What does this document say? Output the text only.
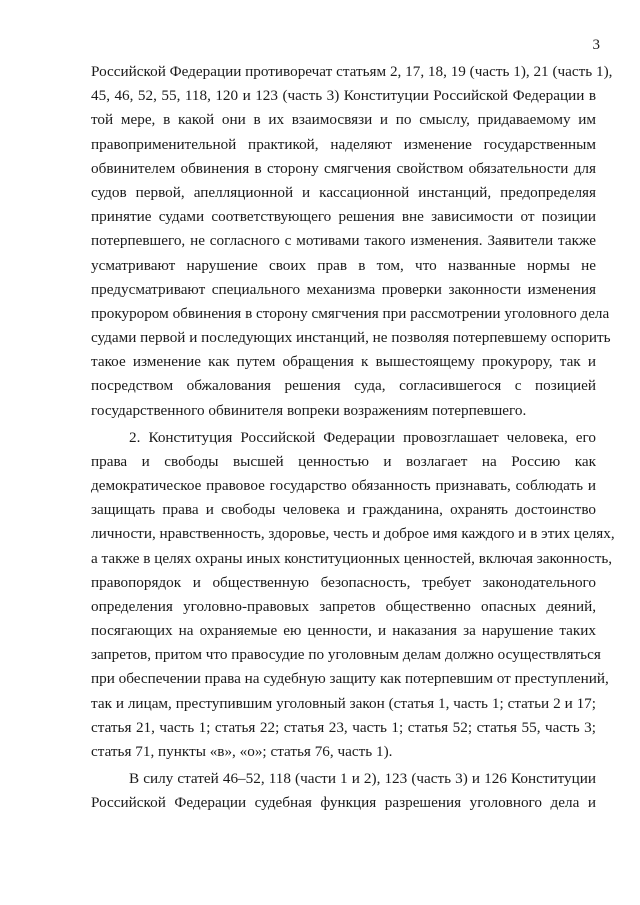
3

Российской Федерации противоречат статьям 2, 17, 18, 19 (часть 1), 21 (часть 1),
45, 46, 52, 55, 118, 120 и 123 (часть 3) Конституции Российской Федерации в
той мере, в какой они в их взаимосвязи и по смыслу, придаваемому им
правоприменительной практикой, наделяют изменение государственным
обвинителем обвинения в сторону смягчения свойством обязательности для
судов первой, апелляционной и кассационной инстанций, предопределяя
принятие судами соответствующего решения вне зависимости от позиции
потерпевшего, не согласного с мотивами такого изменения. Заявители также
усматривают нарушение своих прав в том, что названные нормы не
предусматривают специального механизма проверки законности изменения
прокурором обвинения в сторону смягчения при рассмотрении уголовного дела
судами первой и последующих инстанций, не позволяя потерпевшему оспорить
такое изменение как путем обращения к вышестоящему прокурору, так и
посредством обжалования решения суда, согласившегося с позицией
государственного обвинителя вопреки возражениям потерпевшего.

2. Конституция Российской Федерации провозглашает человека, его
права и свободы высшей ценностью и возлагает на Россию как
демократическое правовое государство обязанность признавать, соблюдать и
защищать права и свободы человека и гражданина, охранять достоинство
личности, нравственность, здоровье, честь и доброе имя каждого и в этих целях,
а также в целях охраны иных конституционных ценностей, включая законность,
правопорядок и общественную безопасность, требует законодательного
определения уголовно-правовых запретов общественно опасных деяний,
посягающих на охраняемые ею ценности, и наказания за нарушение таких
запретов, притом что правосудие по уголовным делам должно осуществляться
при обеспечении права на судебную защиту как потерпевшим от преступлений,
так и лицам, преступившим уголовный закон (статья 1, часть 1; статьи 2 и 17;
статья 21, часть 1; статья 22; статья 23, часть 1; статья 52; статья 55, часть 3;
статья 71, пункты «в», «о»; статья 76, часть 1).

В силу статей 46–52, 118 (части 1 и 2), 123 (часть 3) и 126 Конституции
Российской Федерации судебная функция разрешения уголовного дела и
